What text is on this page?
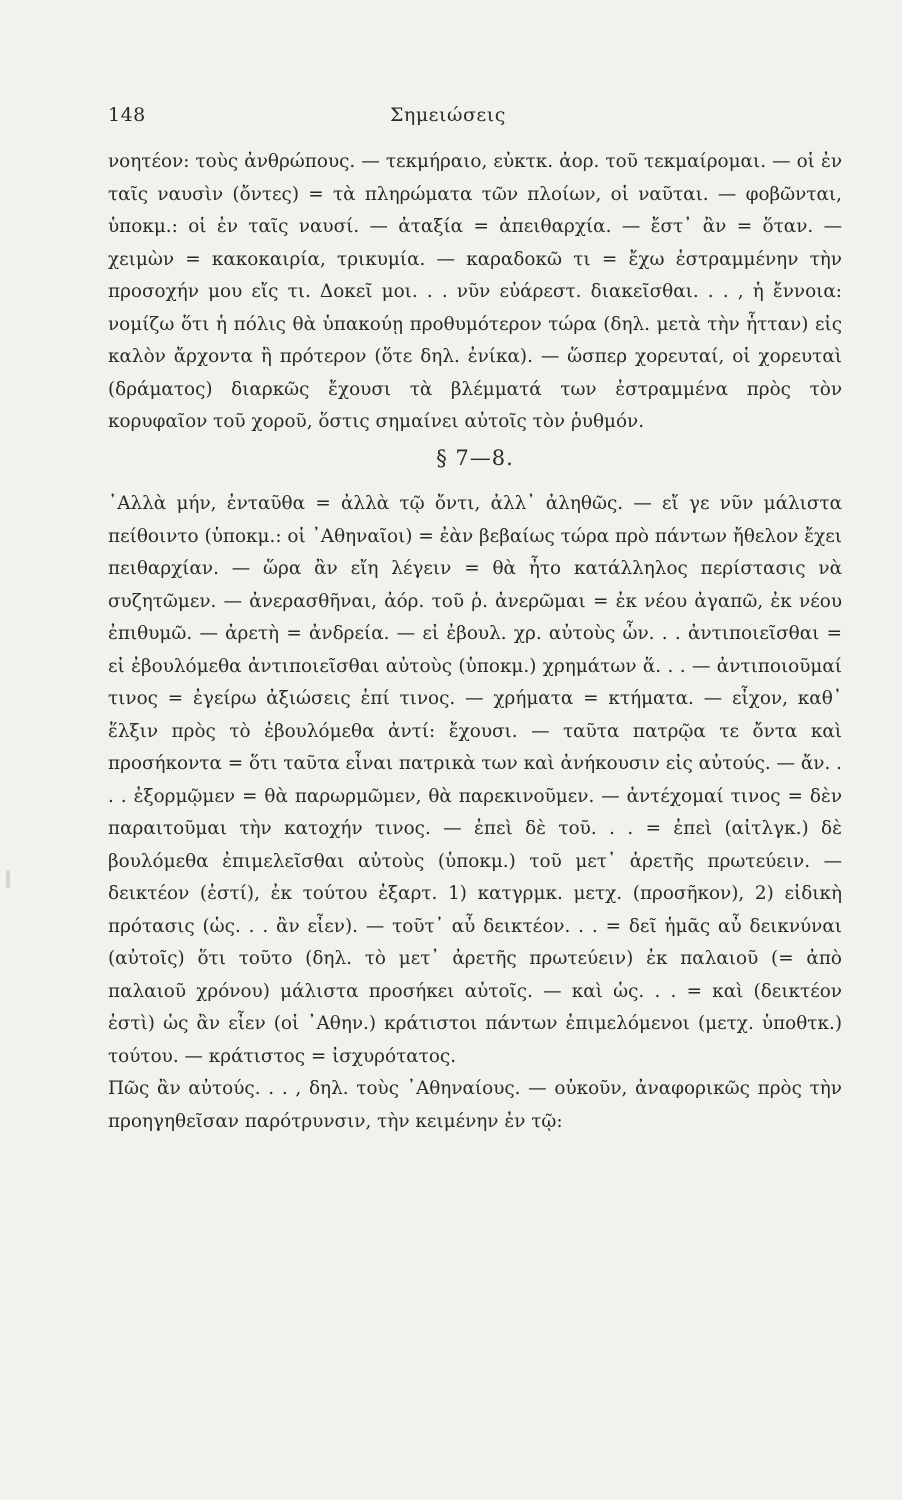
148	Σημειώσεις

νοητέον: τοὺς ἀνθρώπους. — τεκμήραιο, εὐκτκ. ἀορ. τοῦ τεκμαίρομαι. — οἱ ἐν ταῖς ναυσὶν (ὄντες) = τὰ πληρώματα τῶν πλοίων, οἱ ναῦται. — φοβῶνται, ὑποκμ.: οἱ ἐν ταῖς ναυσί. — ἀταξία = ἀπειθαρχία. — ἔστ᾿ ἂν = ὅταν. — χειμὼν = κακοκαιρία, τρικυμία. — καραδοκῶ τι = ἔχω ἐστραμμένην τὴν προσοχήν μου εἴς τι. Δοκεῖ μοι. . . νῦν εὐάρεστ. διακεῖσθαι. . . , ἡ ἔννοια: νομίζω ὅτι ἡ πόλις θὰ ὑπακούῃ προθυμότερον τώρα (δηλ. μετὰ τὴν ἧτταν) εἰς καλὸν ἄρχοντα ἢ πρότερον (ὅτε δηλ. ἐνίκα). — ὥσπερ χορευταί, οἱ χορευταὶ (δράματος) διαρκῶς ἔχουσι τὰ βλέμματά των ἐστραμμένα πρὸς τὸν κορυφαῖον τοῦ χοροῦ, ὅστις σημαίνει αὐτοῖς τὸν ῥυθμόν.

§ 7—8.

᾿Αλλὰ μήν, ἐνταῦθα = ἀλλὰ τῷ ὄντι, ἀλλ᾿ ἀληθῶς. — εἴ γε νῦν μάλιστα πείθοιντο (ὑποκμ.: οἱ ᾿Αθηναῖοι) = ἐὰν βεβαίως τώρα πρὸ πάντων ἤθελον ἔχει πειθαρχίαν. — ὥρα ἂν εἴη λέγειν = θὰ ἦτο κατάλληλος περίστασις νὰ συζητῶμεν. — ἀνερασθῆναι, ἀόρ. τοῦ ῥ. ἀνερῶμαι = ἐκ νέου ἀγαπῶ, ἐκ νέου ἐπιθυμῶ. — ἀρετὴ = ἀνδρεία. — εἰ ἐβουλ. χρ. αὐτοὺς ὧν. . . ἀντιποιεῖσθαι = εἰ ἐβουλόμεθα ἀντιποιεῖσθαι αὐτοὺς (ὑποκμ.) χρημάτων ἅ. . . — ἀντιποιοῦμαί τινος = ἐγείρω ἀξιώσεις ἐπί τινος. — χρήματα = κτήματα. — εἶχον, καθ᾿ ἕλξιν πρὸς τὸ ἐβουλόμεθα ἀντί: ἔχουσι. — ταῦτα πατρῷα τε ὄντα καὶ προσήκοντα = ὅτι ταῦτα εἶναι πατρικὰ των καὶ ἀνήκουσιν εἰς αὐτούς. — ἄν. . . . ἐξορμῷμεν = θὰ παρωρμῶμεν, θὰ παρεκινοῦμεν. — ἀντέχομαί τινος = δὲν παραιτοῦμαι τὴν κατοχήν τινος. — ἐπεὶ δὲ τοῦ. . . = ἐπεὶ (αἰτλγκ.) δὲ βουλόμεθα ἐπιμελεῖσθαι αὐτοὺς (ὑποκμ.) τοῦ μετ᾿ ἀρετῆς πρωτεύειν. — δεικτέον (ἐστί), ἐκ τούτου ἐξαρτ. 1) κατγρμκ. μετχ. (προσῆκον), 2) εἰδικὴ πρότασις (ὡς. . . ἂν εἶεν). — τοῦτ᾿ αὖ δεικτέον. . . = δεῖ ἡμᾶς αὖ δεικνύναι (αὐτοῖς) ὅτι τοῦτο (δηλ. τὸ μετ᾿ ἀρετῆς πρωτεύειν) ἐκ παλαιοῦ (= ἀπὸ παλαιοῦ χρόνου) μάλιστα προσήκει αὐτοῖς. — καὶ ὡς. . . = καὶ (δεικτέον ἐστὶ) ὡς ἂν εἶεν (οἱ ᾿Αθην.) κράτιστοι πάντων ἐπιμελόμενοι (μετχ. ὑποθτκ.) τούτου. — κράτιστος = ἰσχυρότατος.

Πῶς ἂν αὐτούς. . . , δηλ. τοὺς ᾿Αθηναίους. — οὐκοῦν, ἀναφορικῶς πρὸς τὴν προηγηθεῖσαν παρότρυνσιν, τὴν κειμένην ἐν τῷ:
